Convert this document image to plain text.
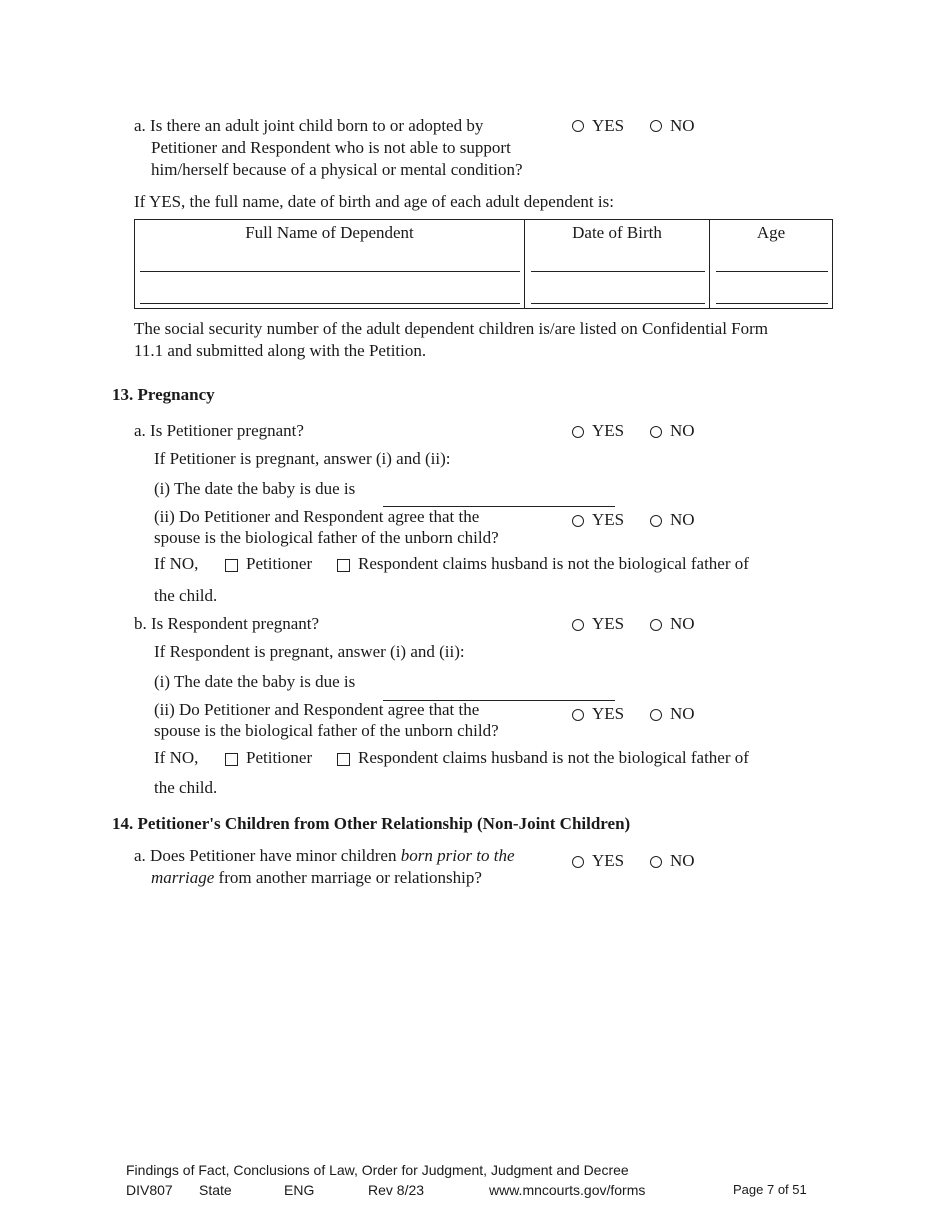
a. Is there an adult joint child born to or adopted by
Petitioner and Respondent who is not able to support
him/herself because of a physical or mental condition?
YES	NO
If YES, the full name, date of birth and age of each adult dependent is:
Full Name of Dependent	Date of Birth	Age
The social security number of the adult dependent children is/are listed on Confidential Form
11.1 and submitted along with the Petition.
13. Pregnancy
a. Is Petitioner pregnant?	YES	NO
If Petitioner is pregnant, answer (i) and (ii):
(i) The date the baby is due is
(ii) Do Petitioner and Respondent agree that the
spouse is the biological father of the unborn child?
YES	NO
If NO,	Petitioner	Respondent claims husband is not the biological father of
the child.
b. Is Respondent pregnant?	YES	NO
If Respondent is pregnant, answer (i) and (ii):
(i) The date the baby is due is
(ii) Do Petitioner and Respondent agree that the
spouse is the biological father of the unborn child?
YES	NO
If NO,	Petitioner	Respondent claims husband is not the biological father of
the child.
14. Petitioner's Children from Other Relationship (Non-Joint Children)
a. Does Petitioner have minor children born prior to the
marriage from another marriage or relationship?
YES	NO
Findings of Fact, Conclusions of Law, Order for Judgment, Judgment and Decree
DIV807 State	ENG	Rev 8/23	www.mncourts.gov/forms	Page 7 of 51
